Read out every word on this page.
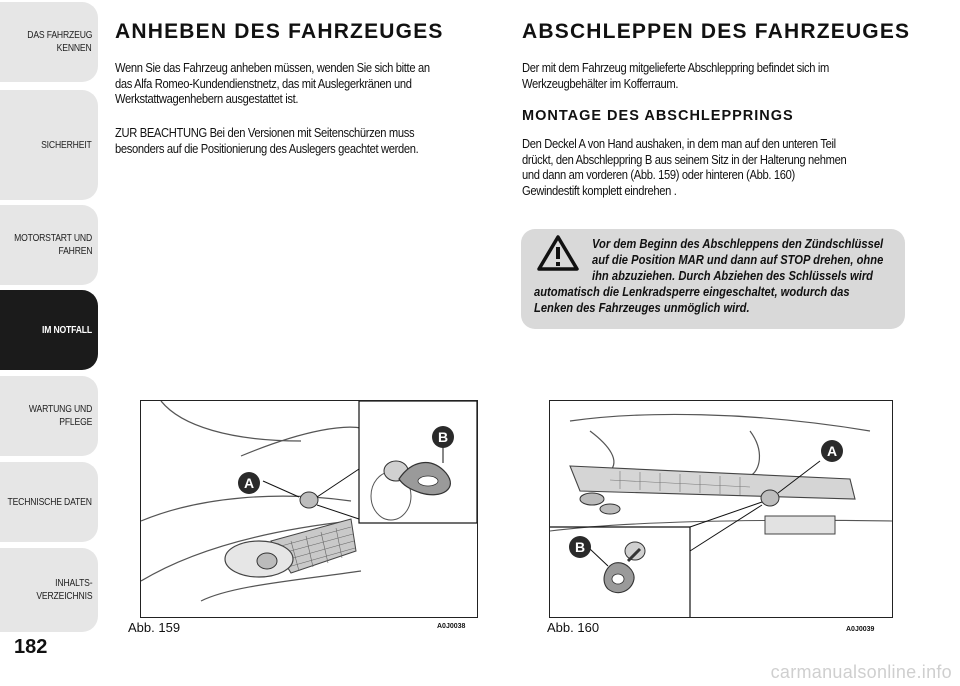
DAS FAHRZEUG
KENNEN
SICHERHEIT
MOTORSTART UND
FAHREN
IM NOTFALL
WARTUNG UND
PFLEGE
TECHNISCHE DATEN
INHALTS-
VERZEICHNIS
182
ANHEBEN DES FAHRZEUGES

Wenn Sie das Fahrzeug anheben müssen, wenden Sie sich bitte an
das Alfa Romeo-Kundendienstnetz, das mit Auslegerkränen und
Werkstattwagenhebern ausgestattet ist.

ZUR BEACHTUNG Bei den Versionen mit Seitenschürzen muss
besonders auf die Positionierung des Auslegers geachtet werden.

ABSCHLEPPEN DES FAHRZEUGES

Der mit dem Fahrzeug mitgelieferte Abschleppring befindet sich im
Werkzeugbehälter im Kofferraum.

MONTAGE DES ABSCHLEPPRINGS

Den Deckel A von Hand aushaken, in dem man auf den unteren Teil
drückt, den Abschleppring B aus seinem Sitz in der Halterung nehmen
und dann am vorderen (Abb. 159) oder hinteren (Abb. 160)
Gewindestift komplett eindrehen .

Vor dem Beginn des Abschleppens den Zündschlüssel
auf die Position MAR und dann auf STOP drehen, ohne
ihn abzuziehen. Durch Abziehen des Schlüssels wird

automatisch die Lenkradsperre eingeschaltet, wodurch das
Lenken des Fahrzeuges unmöglich wird.

A
B
Abb. 159	A0J0038
A
B
Abb. 160	A0J0039
carmanualsonline.info
